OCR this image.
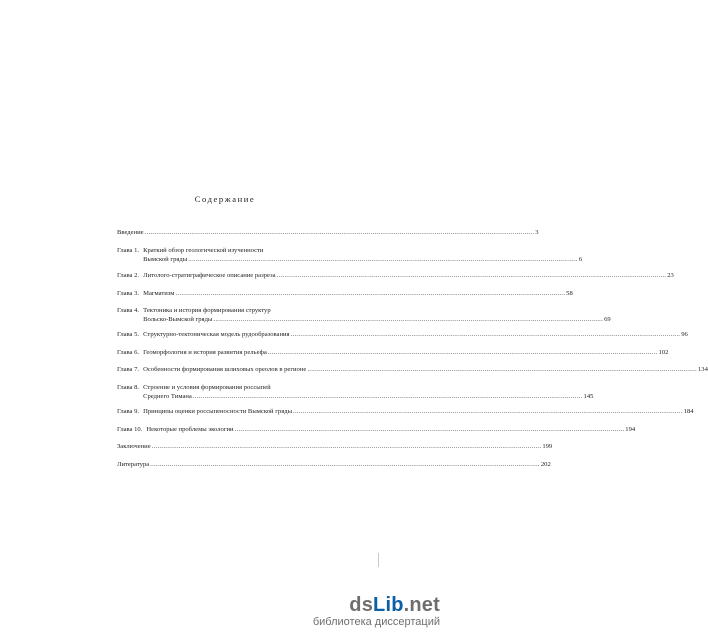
Содержание
Введение ........................................................................................................................................................................................................ 3
Глава 1. Краткий обзор геологической изученности
Вымской гряды ........................................................................................................................................................................................................ 6
Глава 2. Литолого-стратиграфическое описание разреза ........................................................................................................................................................................................................ 23
Глава 3. Магматизм ........................................................................................................................................................................................................ 58
Глава 4. Тектоника и история формирования структур
Вольско-Вымской гряды ........................................................................................................................................................................................................ 69
Глава 5. Структурно-тектоническая модель рудообразования ........................................................................................................................................................................................................ 96
Глава 6. Геоморфология и история развития рельефа ........................................................................................................................................................................................................ 102
Глава 7. Особенности формирования шлиховых ореолов в регионе ........................................................................................................................................................................................................ 134
Глава 8. Строение и условия формирования россыпей
Среднего Тимана ........................................................................................................................................................................................................ 145
Глава 9. Принципы оценки россыпеносности Вымской гряды ........................................................................................................................................................................................................ 184
Глава 10. Некоторые проблемы экологии ........................................................................................................................................................................................................ 194
Заключение ........................................................................................................................................................................................................ 199
Литература ........................................................................................................................................................................................................ 202
dsLib.net
библиотека диссертаций
